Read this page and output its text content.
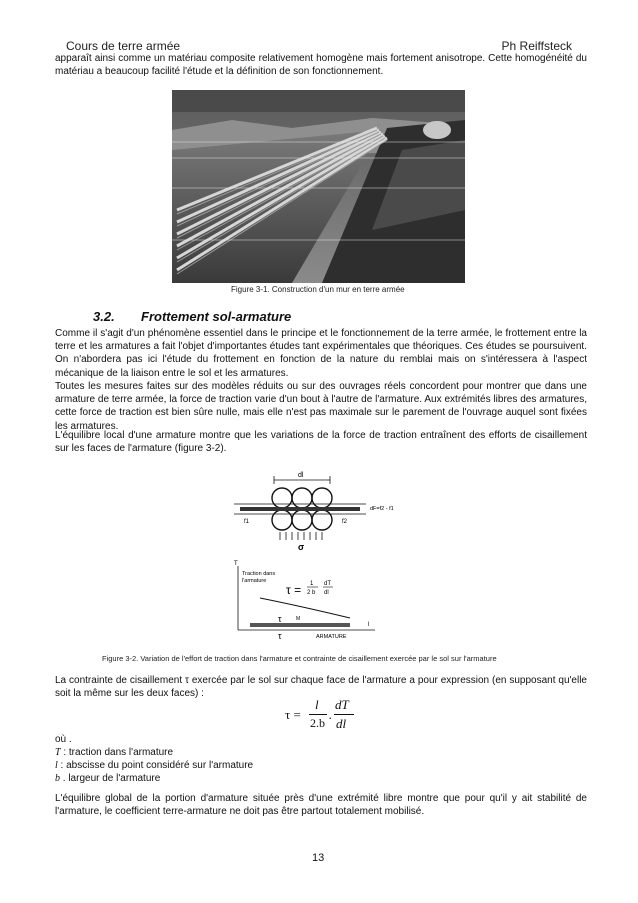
Cours de terre armée	Ph Reiffsteck

apparaît ainsi comme un matériau composite relativement homogène mais fortement anisotrope. Cette homogénéité du matériau a beaucoup facilité l'étude et la définition de son fonctionnement.

Figure 3-1. Construction d'un mur en terre armée
3.2. Frottement sol-armature

Comme il s'agit d'un phénomène essentiel dans le principe et le fonctionnement de la terre armée, le frottement entre la terre et les armatures a fait l'objet d'importantes études tant expérimentales que théoriques. Ces études se poursuivent. On n'abordera pas ici l'étude du frottement en fonction de la nature du remblai mais on s'intéressera à l'aspect mécanique de la liaison entre le sol et les armatures.

Toutes les mesures faites sur des modèles réduits ou sur des ouvrages réels concordent pour montrer que dans une armature de terre armée, la force de traction varie d'un bout à l'autre de l'armature. Aux extrémités libres des armatures, cette force de traction est bien sûre nulle, mais elle n'est pas maximale sur le parement de l'ouvrage auquel sont fixées les armatures.

L'équilibre local d'une armature montre que les variations de la force de traction entraînent des efforts de cisaillement sur les faces de l'armature (figure 3-2).

dl
f1	f2
dF=f2 - f1
σ
T
Traction dans
l'armature
τ = 1
2 b
dT
dl
τ	M
τ	ARMATURE
l
Figure 3-2. Variation de l'effort de traction dans l'armature et contrainte de cisaillement exercée par le sol sur l'armature

La contrainte de cisaillement τ exercée par le sol sur chaque face de l'armature a pour expression (en supposant qu'elle soit la même sur les deux faces) :

τ =
l
2.b
.
dT
dl
où .
T : traction dans l'armature
l : abscisse du point considéré sur l'armature
b . largeur de l'armature

L'équilibre global de la portion d'armature située près d'une extrémité libre montre que pour qu'il y ait stabilité de l'armature, le coefficient terre-armature ne doit pas être partout totalement mobilisé.

13
